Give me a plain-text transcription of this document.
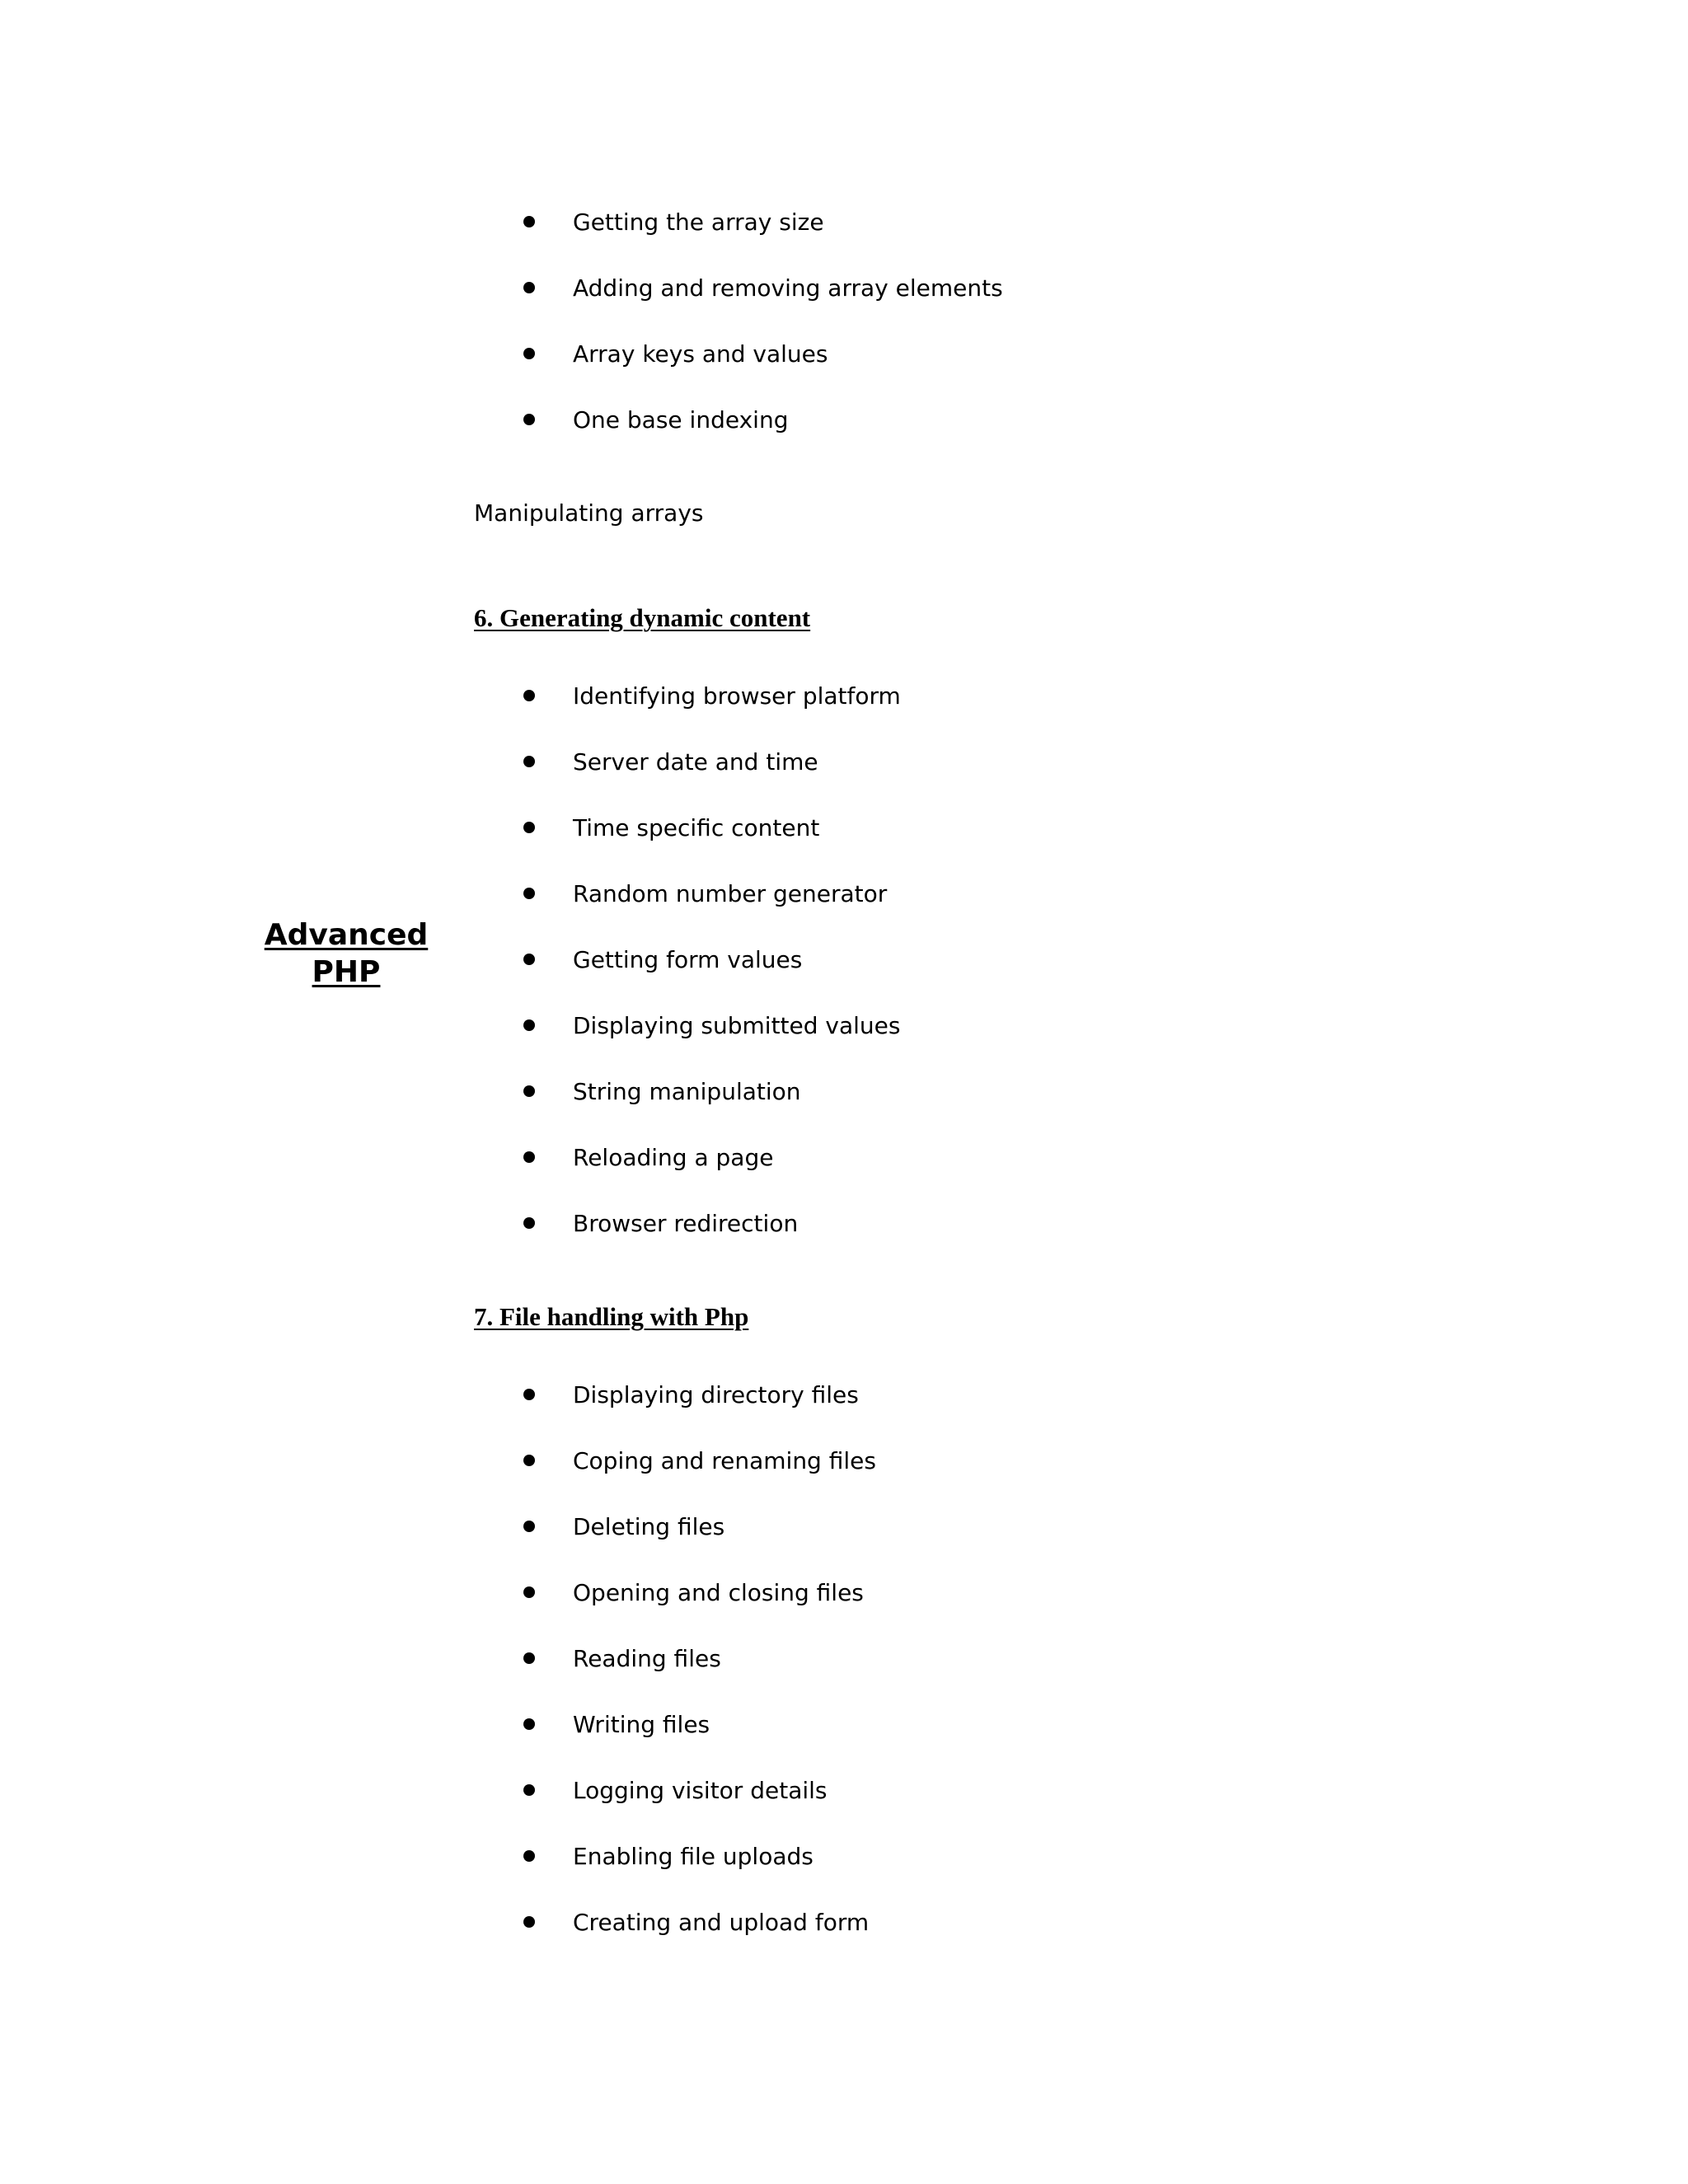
Advanced
PHP
Getting the array size
Adding and removing array elements
Array keys and values
One base indexing
Manipulating arrays
6. Generating dynamic content
Identifying browser platform
Server date and time
Time specific content
Random number generator
Getting form values
Displaying submitted values
String manipulation
Reloading a page
Browser redirection
7. File handling with Php
Displaying directory files
Coping and renaming files
Deleting files
Opening and closing files
Reading files
Writing files
Logging visitor details
Enabling file uploads
Creating and upload form
